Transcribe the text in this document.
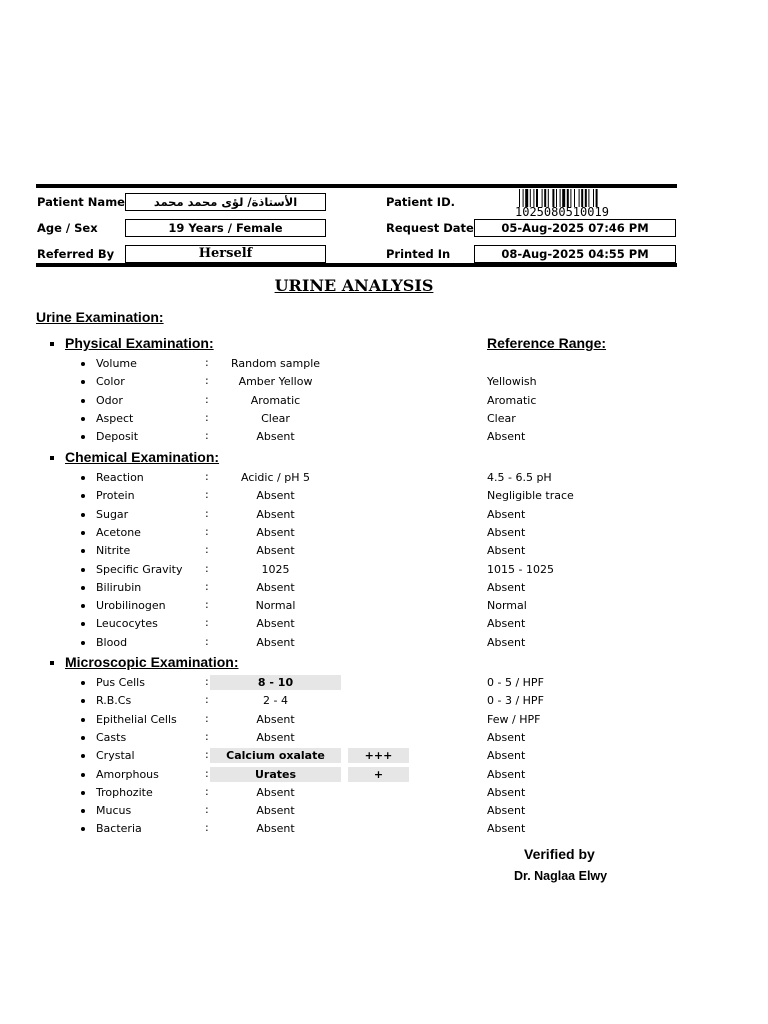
Patient Name	الأستاذة/ لؤى محمد محمد	Patient ID.
1025080510019
Age / Sex	19 Years / Female	Request Date	05-Aug-2025 07:46 PM
Referred By	Herself	Printed In	08-Aug-2025 04:55 PM
URINE ANALYSIS
Urine Examination:
Physical Examination:	Reference Range:
Volume	:	Random sample
Color	:	Amber Yellow	Yellowish
Odor	:	Aromatic	Aromatic
Aspect	:	Clear	Clear
Deposit	:	Absent	Absent
Chemical Examination:
Reaction	:	Acidic / pH 5	4.5 - 6.5 pH
Protein	:	Absent	Negligible trace
Sugar	:	Absent	Absent
Acetone	:	Absent	Absent
Nitrite	:	Absent	Absent
Specific Gravity :	1025	1015 - 1025
Bilirubin	:	Absent	Absent
Urobilinogen	:	Normal	Normal
Leucocytes	:	Absent	Absent
Blood	:	Absent	Absent
Microscopic Examination:
Pus Cells	:	8 - 10	0 - 5 / HPF
R.B.Cs	:	2 - 4	0 - 3 / HPF
Epithelial Cells	:	Absent	Few / HPF
Casts	:	Absent	Absent
Crystal	:	Calcium oxalate	+++	Absent
Amorphous	:	Urates	+	Absent
Trophozite	:	Absent	Absent
Mucus	:	Absent	Absent
Bacteria	:	Absent	Absent
Verified by
Dr. Naglaa Elwy
